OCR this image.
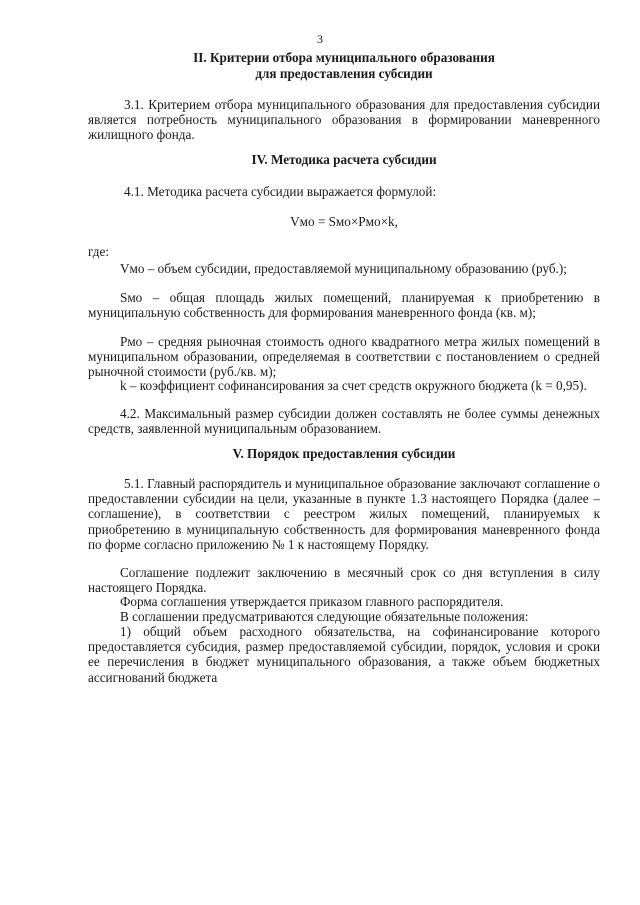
3
II. Критерии отбора муниципального образования
для предоставления субсидии
3.1. Критерием отбора муниципального образования для предоставления субсидии является потребность муниципального образования в формировании маневренного жилищного фонда.
IV. Методика расчета субсидии
4.1. Методика расчета субсидии выражается формулой:
Vмо = Sмо×Pмо×k,
где:
Vмо – объем субсидии, предоставляемой муниципальному образованию (руб.);
Sмо – общая площадь жилых помещений, планируемая к приобретению в муниципальную собственность для формирования маневренного фонда (кв. м);
Pмо – средняя рыночная стоимость одного квадратного метра жилых помещений в муниципальном образовании, определяемая в соответствии с постановлением о средней рыночной стоимости (руб./кв. м);
k – коэффициент софинансирования за счет средств окружного бюджета (k = 0,95).
4.2. Максимальный размер субсидии должен составлять не более суммы денежных средств, заявленной муниципальным образованием.
V. Порядок предоставления субсидии
5.1. Главный распорядитель и муниципальное образование заключают соглашение о предоставлении субсидии на цели, указанные в пункте 1.3 настоящего Порядка (далее – соглашение), в соответствии с реестром жилых помещений, планируемых к приобретению в муниципальную собственность для формирования маневренного фонда по форме согласно приложению № 1 к настоящему Порядку.
Соглашение подлежит заключению в месячный срок со дня вступления в силу настоящего Порядка.
Форма соглашения утверждается приказом главного распорядителя.
В соглашении предусматриваются следующие обязательные положения:
1) общий объем расходного обязательства, на софинансирование которого предоставляется субсидия, размер предоставляемой субсидии, порядок, условия и сроки ее перечисления в бюджет муниципального образования, а также объем бюджетных ассигнований бюджета
